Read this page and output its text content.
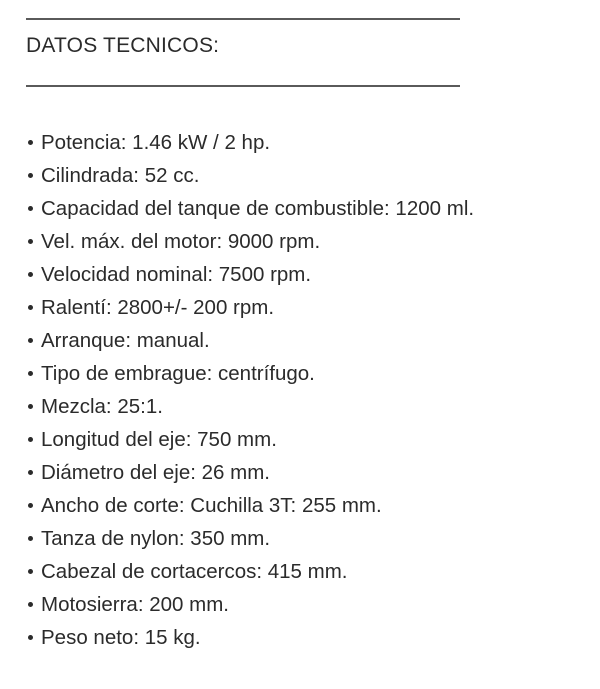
DATOS TECNICOS:
Potencia: 1.46 kW / 2 hp.
Cilindrada: 52 cc.
Capacidad del tanque de combustible: 1200 ml.
Vel. máx. del motor: 9000 rpm.
Velocidad nominal: 7500 rpm.
Ralentí: 2800+/- 200 rpm.
Arranque: manual.
Tipo de embrague: centrífugo.
Mezcla: 25:1.
Longitud del eje: 750 mm.
Diámetro del eje: 26 mm.
Ancho de corte: Cuchilla 3T: 255 mm.
Tanza de nylon: 350 mm.
Cabezal de cortacercos: 415 mm.
Motosierra: 200 mm.
Peso neto: 15 kg.
